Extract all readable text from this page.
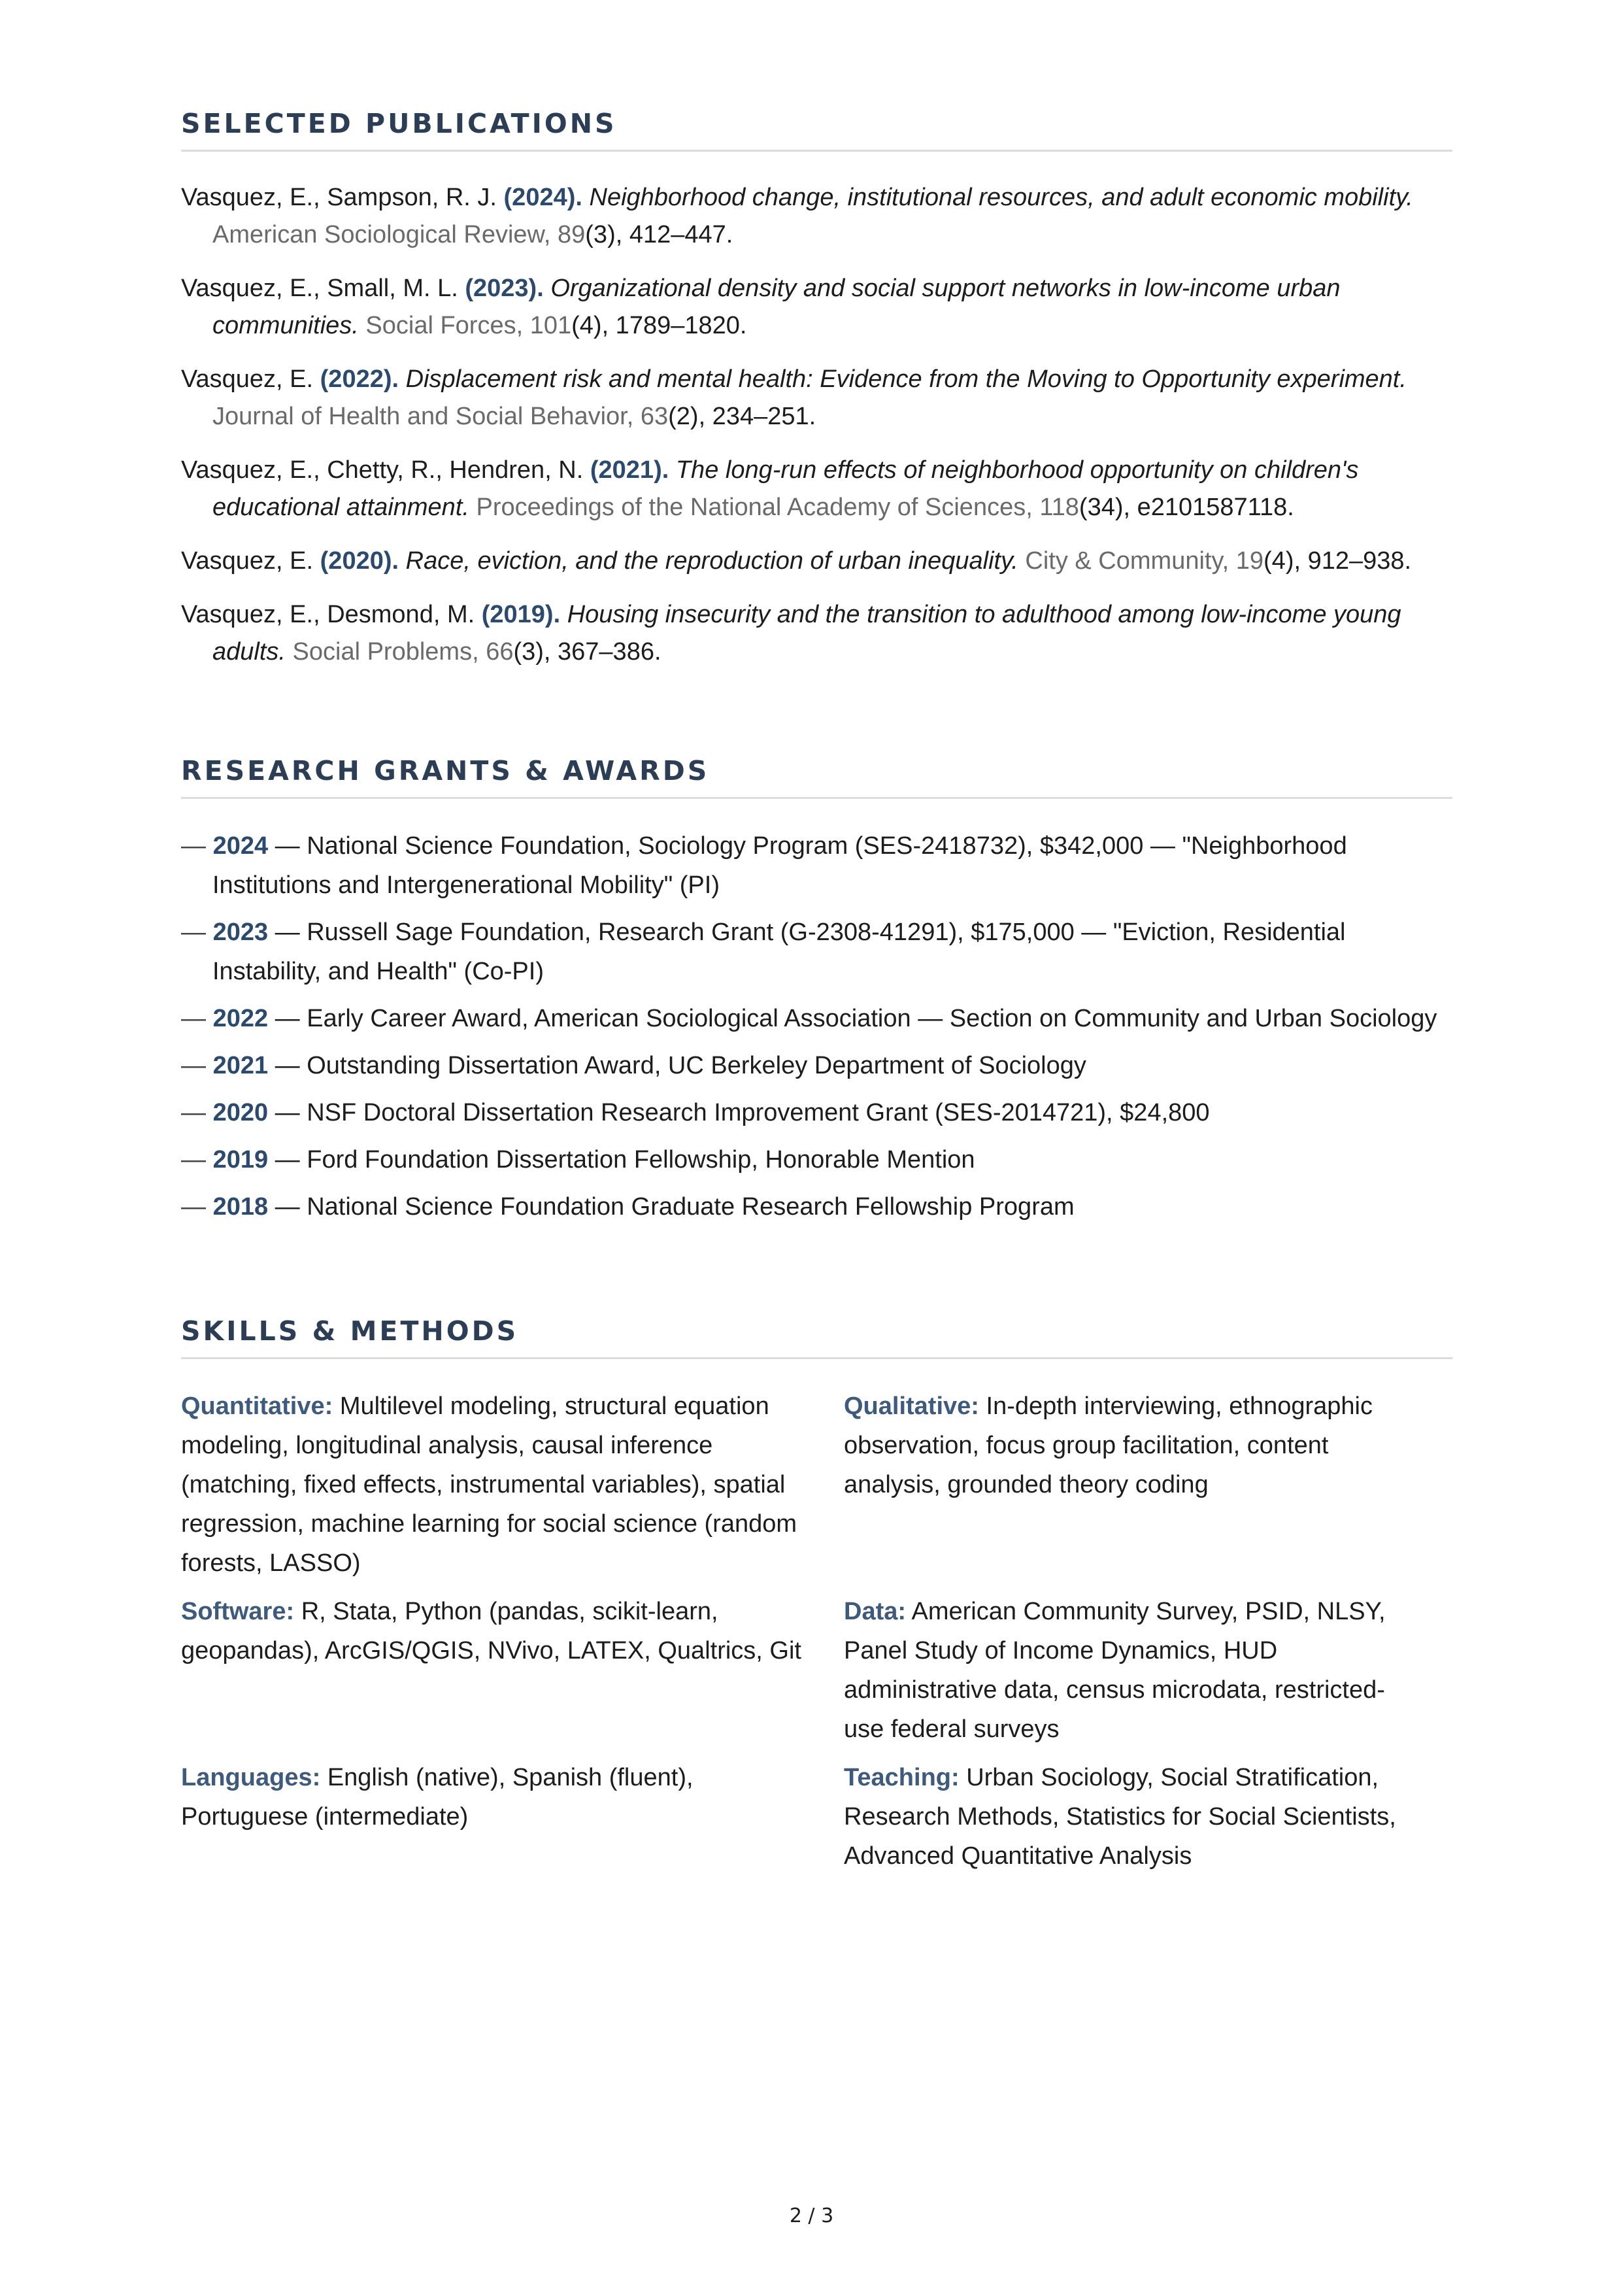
SELECTED PUBLICATIONS
Vasquez, E., Sampson, R. J. (2024). Neighborhood change, institutional resources, and adult economic mobility. American Sociological Review, 89(3), 412–447.
Vasquez, E., Small, M. L. (2023). Organizational density and social support networks in low-income urban communities. Social Forces, 101(4), 1789–1820.
Vasquez, E. (2022). Displacement risk and mental health: Evidence from the Moving to Opportunity experiment. Journal of Health and Social Behavior, 63(2), 234–251.
Vasquez, E., Chetty, R., Hendren, N. (2021). The long-run effects of neighborhood opportunity on children's educational attainment. Proceedings of the National Academy of Sciences, 118(34), e2101587118.
Vasquez, E. (2020). Race, eviction, and the reproduction of urban inequality. City & Community, 19(4), 912–938.
Vasquez, E., Desmond, M. (2019). Housing insecurity and the transition to adulthood among low-income young adults. Social Problems, 66(3), 367–386.
RESEARCH GRANTS & AWARDS
— 2024 — National Science Foundation, Sociology Program (SES-2418732), $342,000 — "Neighborhood Institutions and Intergenerational Mobility" (PI)
— 2023 — Russell Sage Foundation, Research Grant (G-2308-41291), $175,000 — "Eviction, Residential Instability, and Health" (Co-PI)
— 2022 — Early Career Award, American Sociological Association — Section on Community and Urban Sociology
— 2021 — Outstanding Dissertation Award, UC Berkeley Department of Sociology
— 2020 — NSF Doctoral Dissertation Research Improvement Grant (SES-2014721), $24,800
— 2019 — Ford Foundation Dissertation Fellowship, Honorable Mention
— 2018 — National Science Foundation Graduate Research Fellowship Program
SKILLS & METHODS
Quantitative: Multilevel modeling, structural equation modeling, longitudinal analysis, causal inference (matching, fixed effects, instrumental variables), spatial regression, machine learning for social science (random forests, LASSO)
Qualitative: In-depth interviewing, ethnographic observation, focus group facilitation, content analysis, grounded theory coding
Software: R, Stata, Python (pandas, scikit-learn, geopandas), ArcGIS/QGIS, NVivo, LATEX, Qualtrics, Git
Data: American Community Survey, PSID, NLSY, Panel Study of Income Dynamics, HUD administrative data, census microdata, restricted-use federal surveys
Languages: English (native), Spanish (fluent), Portuguese (intermediate)
Teaching: Urban Sociology, Social Stratification, Research Methods, Statistics for Social Scientists, Advanced Quantitative Analysis
2 / 3
